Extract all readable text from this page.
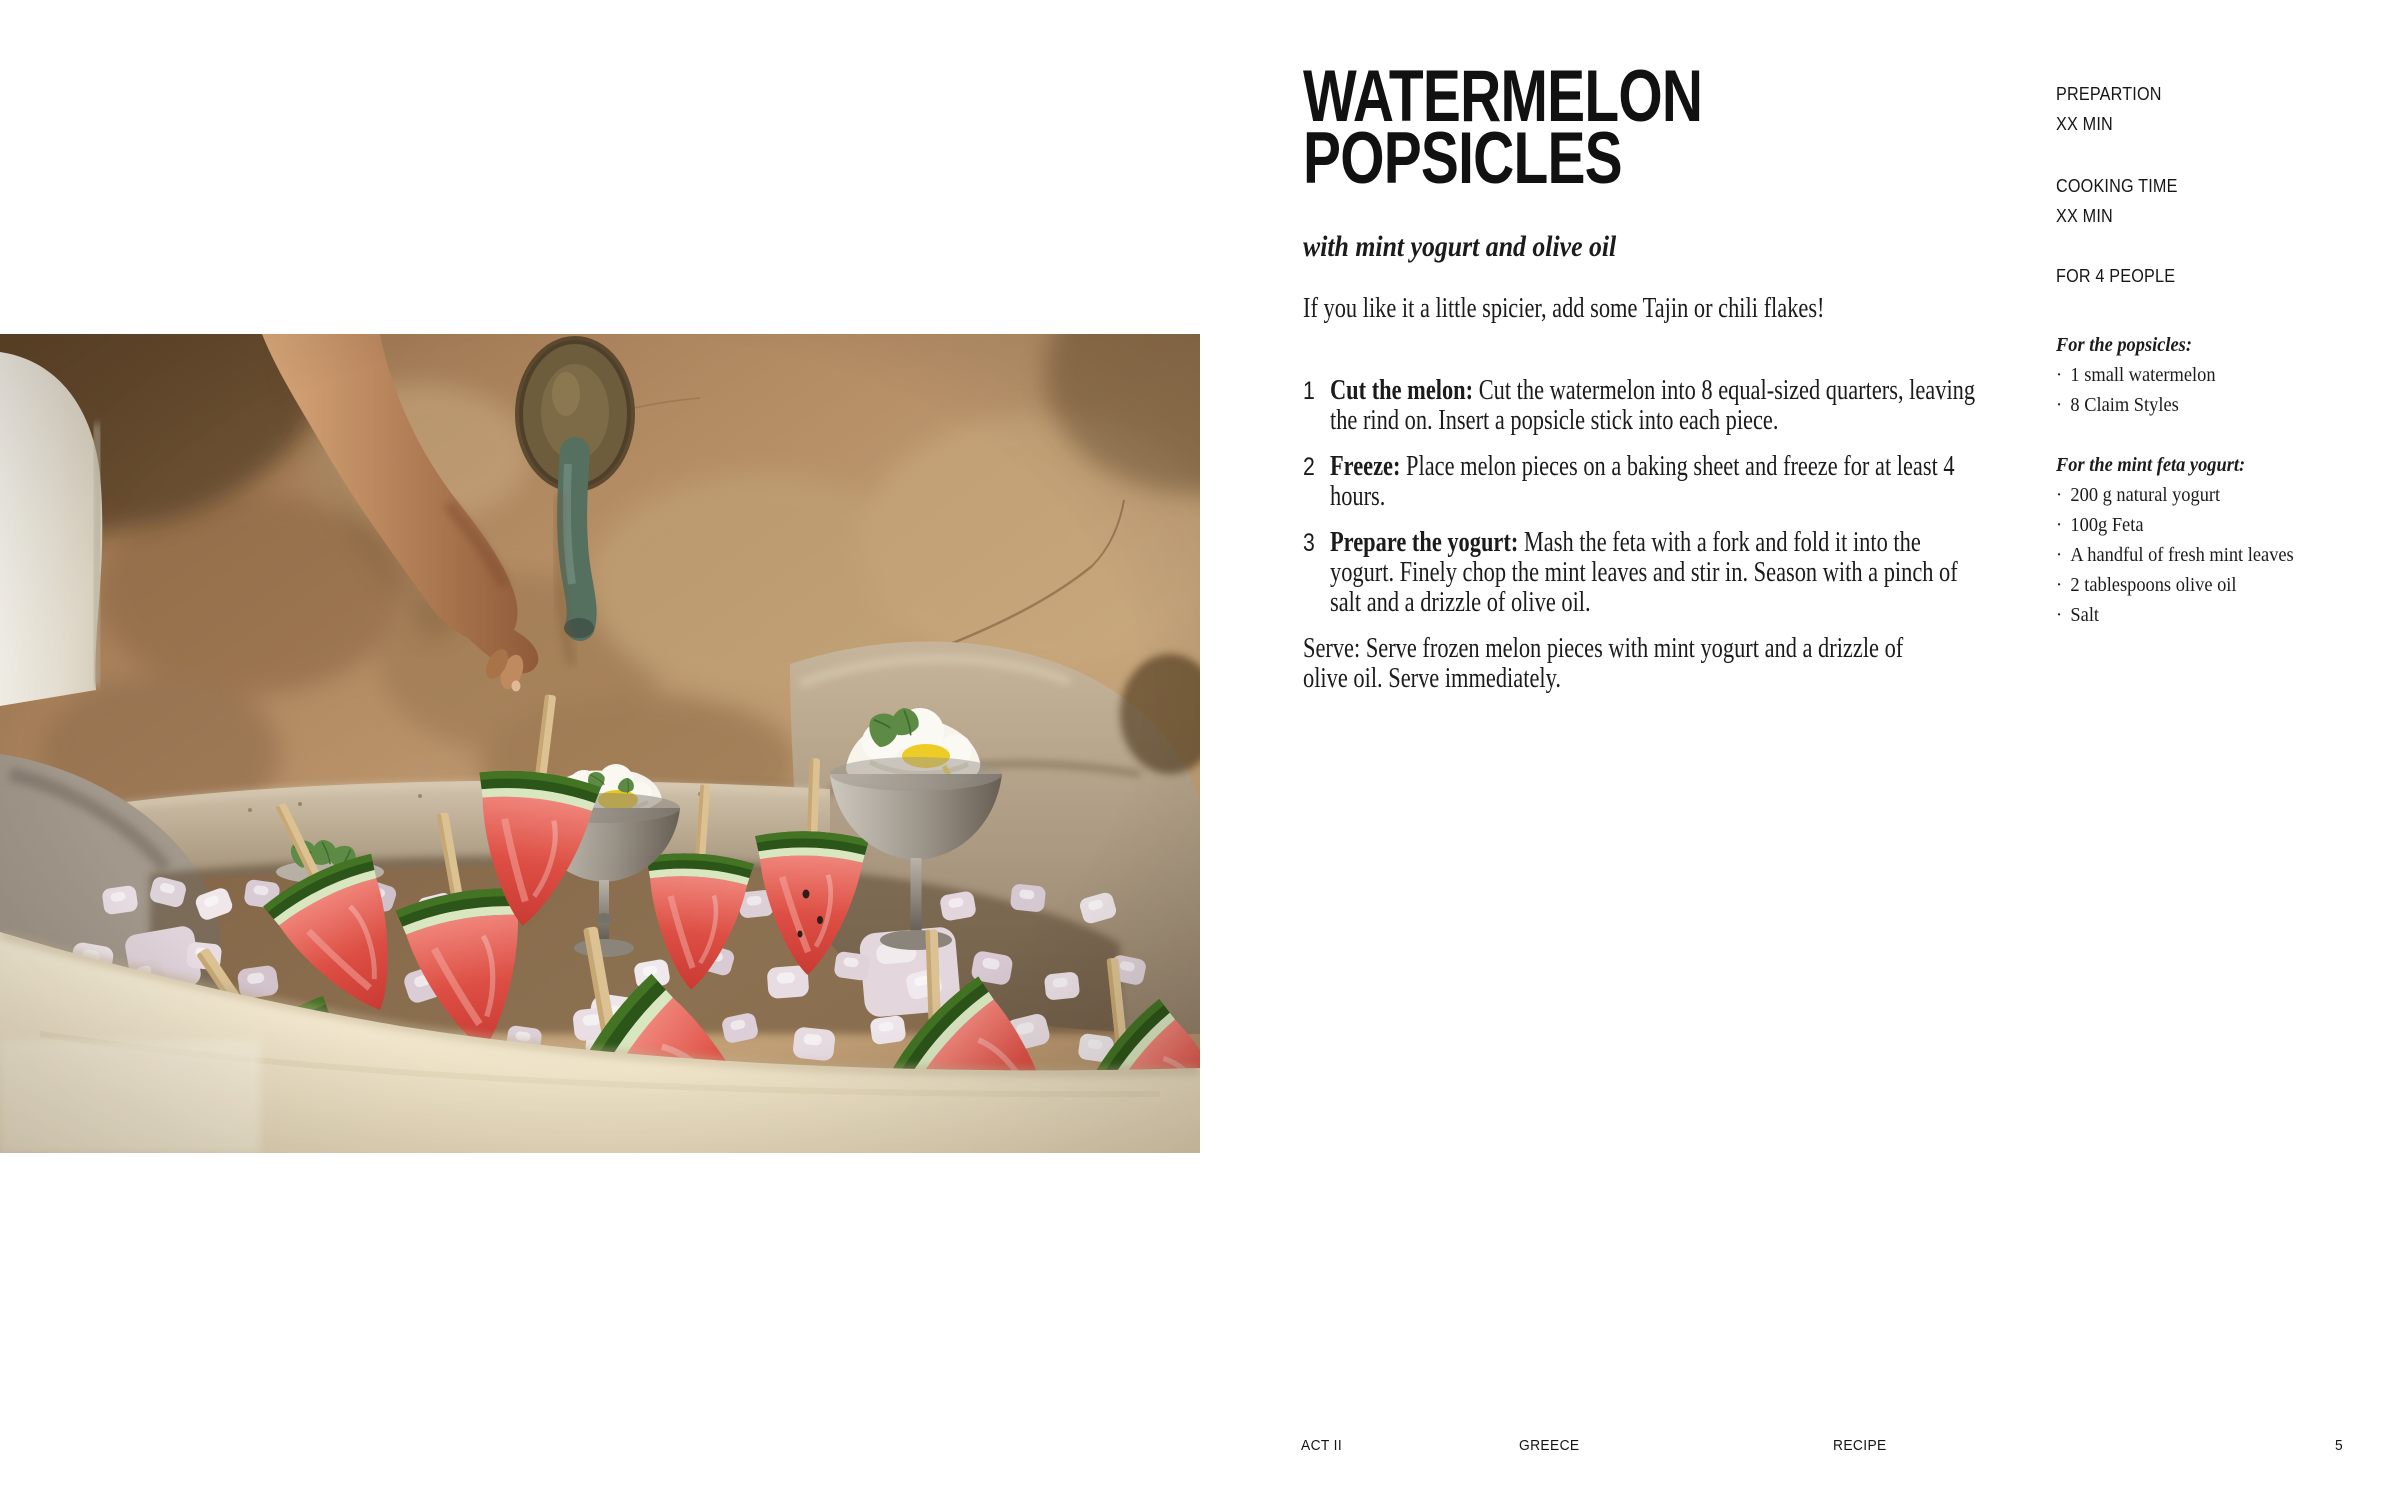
WATERMELON
POPSICLES

with mint yogurt and olive oil

If you like it a little spicier, add some Tajin or chili flakes!

1 Cut the melon: Cut the watermelon into 8 equal-sized quarters, leaving the rind on. Insert a popsicle stick into each piece.

2 Freeze: Place melon pieces on a baking sheet and freeze for at least 4 hours.

3 Prepare the yogurt: Mash the feta with a fork and fold it into the yogurt. Finely chop the mint leaves and stir in. Season with a pinch of salt and a drizzle of olive oil.

Serve: Serve frozen melon pieces with mint yogurt and a drizzle of olive oil. Serve immediately.

PREPARTION

XX MIN

COOKING TIME

XX MIN

FOR 4 PEOPLE

For the popsicles:

· 1 small watermelon
· 8 Claim Styles

For the mint feta yogurt:

· 200 g natural yogurt
· 100g Feta
· A handful of fresh mint leaves
· 2 tablespoons olive oil
· Salt

ACT II	GREECE	RECIPE	5
